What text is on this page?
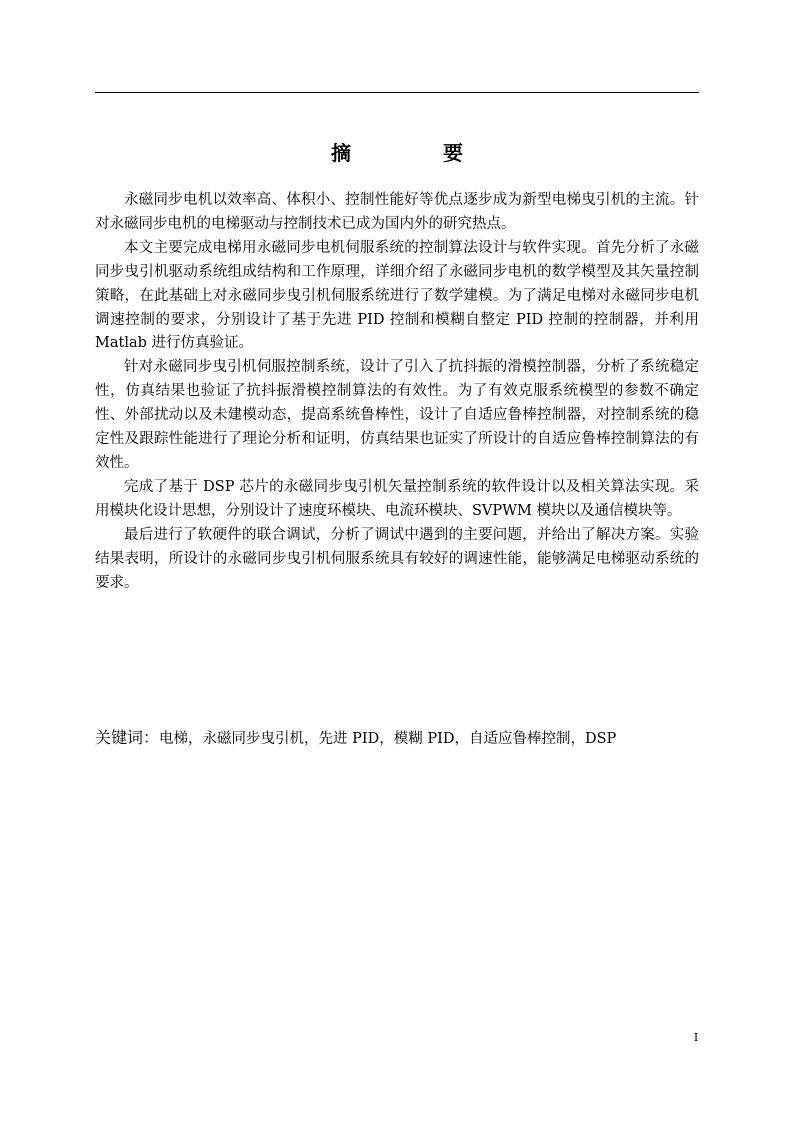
摘　要

永磁同步电机以效率高、体积小、控制性能好等优点逐步成为新型电梯曳引机的主流。针对永磁同步电机的电梯驱动与控制技术已成为国内外的研究热点。

本文主要完成电梯用永磁同步电机伺服系统的控制算法设计与软件实现。首先分析了永磁同步曳引机驱动系统组成结构和工作原理，详细介绍了永磁同步电机的数学模型及其矢量控制策略，在此基础上对永磁同步曳引机伺服系统进行了数学建模。为了满足电梯对永磁同步电机调速控制的要求，分别设计了基于先进 PID 控制和模糊自整定 PID 控制的控制器，并利用 Matlab 进行仿真验证。

针对永磁同步曳引机伺服控制系统，设计了引入了抗抖振的滑模控制器，分析了系统稳定性，仿真结果也验证了抗抖振滑模控制算法的有效性。为了有效克服系统模型的参数不确定性、外部扰动以及未建模动态，提高系统鲁棒性，设计了自适应鲁棒控制器，对控制系统的稳定性及跟踪性能进行了理论分析和证明，仿真结果也证实了所设计的自适应鲁棒控制算法的有效性。

完成了基于 DSP 芯片的永磁同步曳引机矢量控制系统的软件设计以及相关算法实现。采用模块化设计思想，分别设计了速度环模块、电流环模块、SVPWM 模块以及通信模块等。

最后进行了软硬件的联合调试，分析了调试中遇到的主要问题，并给出了解决方案。实验结果表明，所设计的永磁同步曳引机伺服系统具有较好的调速性能，能够满足电梯驱动系统的要求。

关键词：电梯，永磁同步曳引机，先进 PID，模糊 PID，自适应鲁棒控制，DSP
I
